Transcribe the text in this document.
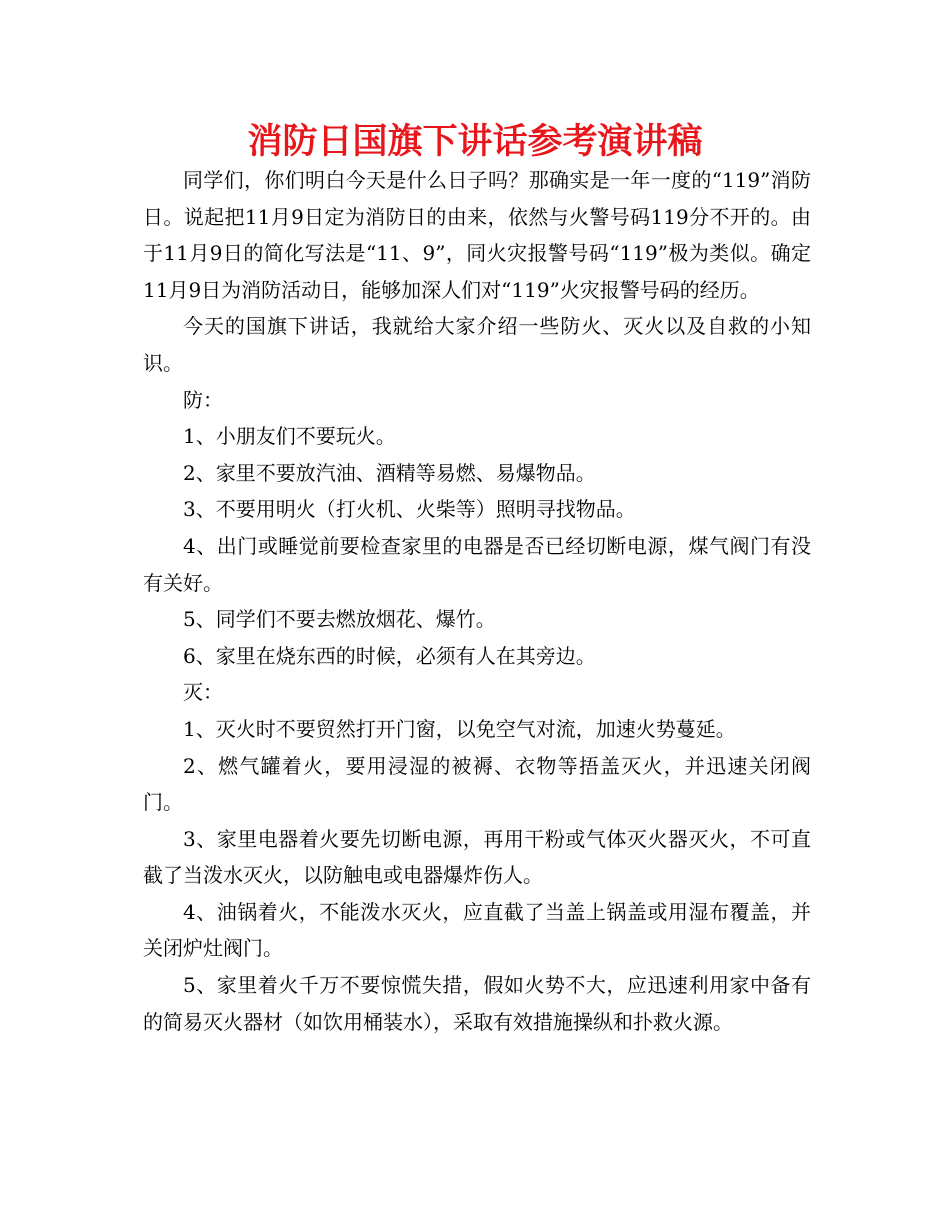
消防日国旗下讲话参考演讲稿

同学们，你们明白今天是什么日子吗？那确实是一年一度的“119”消防日。说起把11月9日定为消防日的由来，依然与火警号码119分不开的。由于11月9日的简化写法是“11、9”，同火灾报警号码“119”极为类似。确定11月9日为消防活动日，能够加深人们对“119”火灾报警号码的经历。

今天的国旗下讲话，我就给大家介绍一些防火、灭火以及自救的小知识。

防：

1、小朋友们不要玩火。

2、家里不要放汽油、酒精等易燃、易爆物品。

3、不要用明火（打火机、火柴等）照明寻找物品。

4、出门或睡觉前要检查家里的电器是否已经切断电源，煤气阀门有没有关好。

5、同学们不要去燃放烟花、爆竹。

6、家里在烧东西的时候，必须有人在其旁边。

灭：

1、灭火时不要贸然打开门窗，以免空气对流，加速火势蔓延。

2、燃气罐着火，要用浸湿的被褥、衣物等捂盖灭火，并迅速关闭阀门。

3、家里电器着火要先切断电源，再用干粉或气体灭火器灭火，不可直截了当泼水灭火，以防触电或电器爆炸伤人。

4、油锅着火，不能泼水灭火，应直截了当盖上锅盖或用湿布覆盖，并关闭炉灶阀门。

5、家里着火千万不要惊慌失措，假如火势不大，应迅速利用家中备有的简易灭火器材（如饮用桶装水），采取有效措施操纵和扑救火源。
